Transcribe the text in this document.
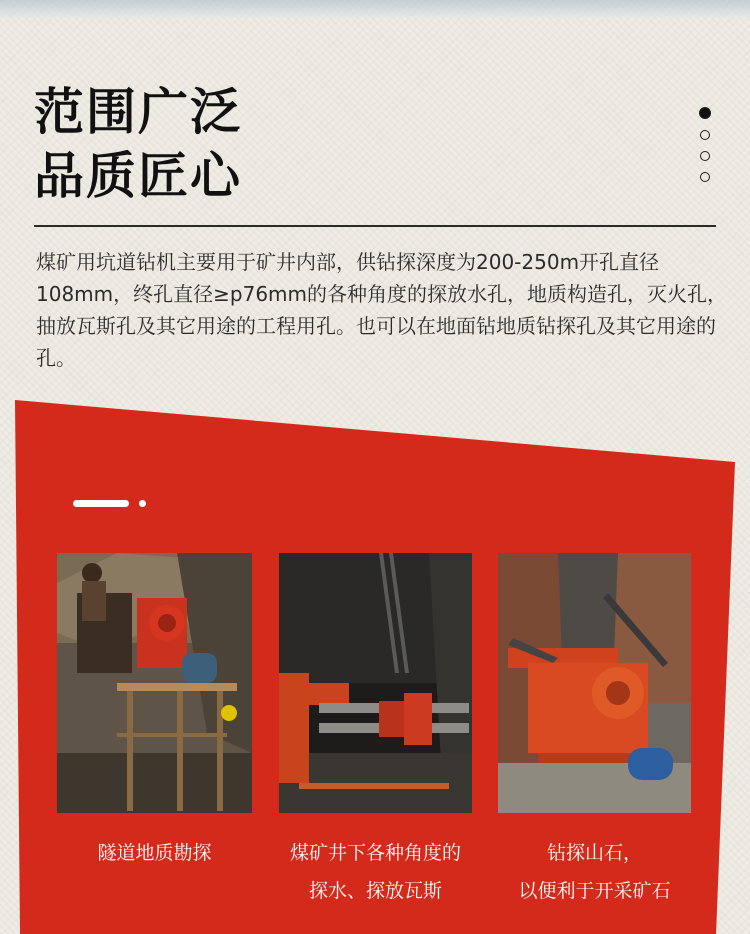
范围广泛
品质匠心
煤矿用坑道钻机主要用于矿井内部，供钻探深度为200-250m开孔直径108mm，终孔直径≥p76mm的各种角度的探放水孔，地质构造孔，灭火孔，抽放瓦斯孔及其它用途的工程用孔。也可以在地面钻地质钻探孔及其它用途的孔。
隧道地质勘探	煤矿井下各种角度的
探水、探放瓦斯
钻探山石，
以便利于开采矿石
